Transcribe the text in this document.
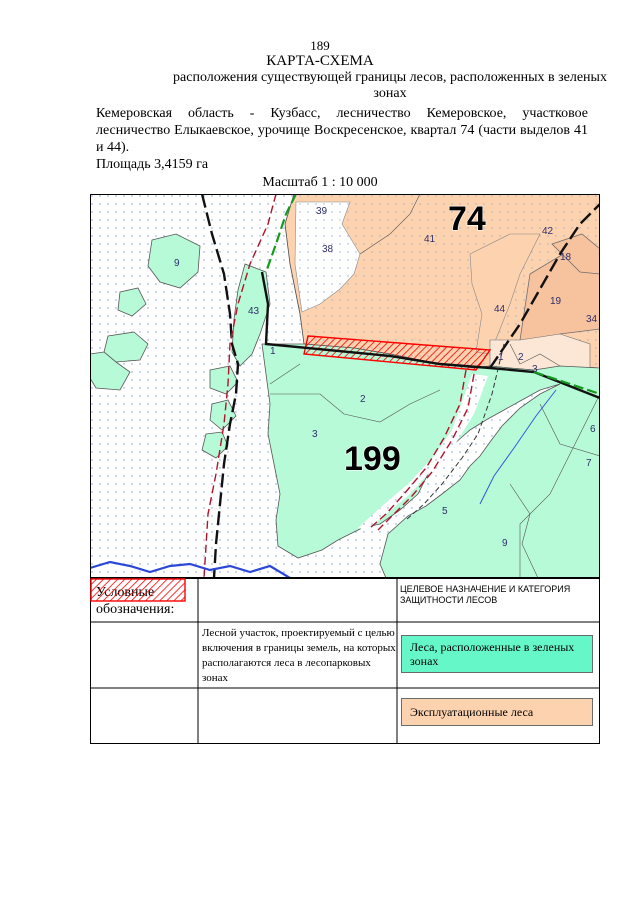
189
КАРТА-СХЕМА
расположения существующей границы лесов, расположенных в зеленых зонах
Кемеровская область - Кузбасс, лесничество Кемеровское, участковое лесничество Елыкаевское, урочище Воскресенское, квартал 74 (части выделов 41 и 44).
Площадь 3,4159 га
Масштаб 1 : 10 000
9
43
1
2
3
39
38
41
42
18
19
44
34
1 2
3
6
7
5
9
74
199
обозначения:
ЦЕЛЕВОЕ НАЗНАЧЕНИЕ И КАТЕГОРИЯ ЗАЩИТНОСТИ ЛЕСОВ
Лесной участок, проектируемый с целью включения в границы земель, на которых располагаются леса в лесопарковых зонах
Леса, расположенные в зеленых зонах
Эксплуатационные леса
